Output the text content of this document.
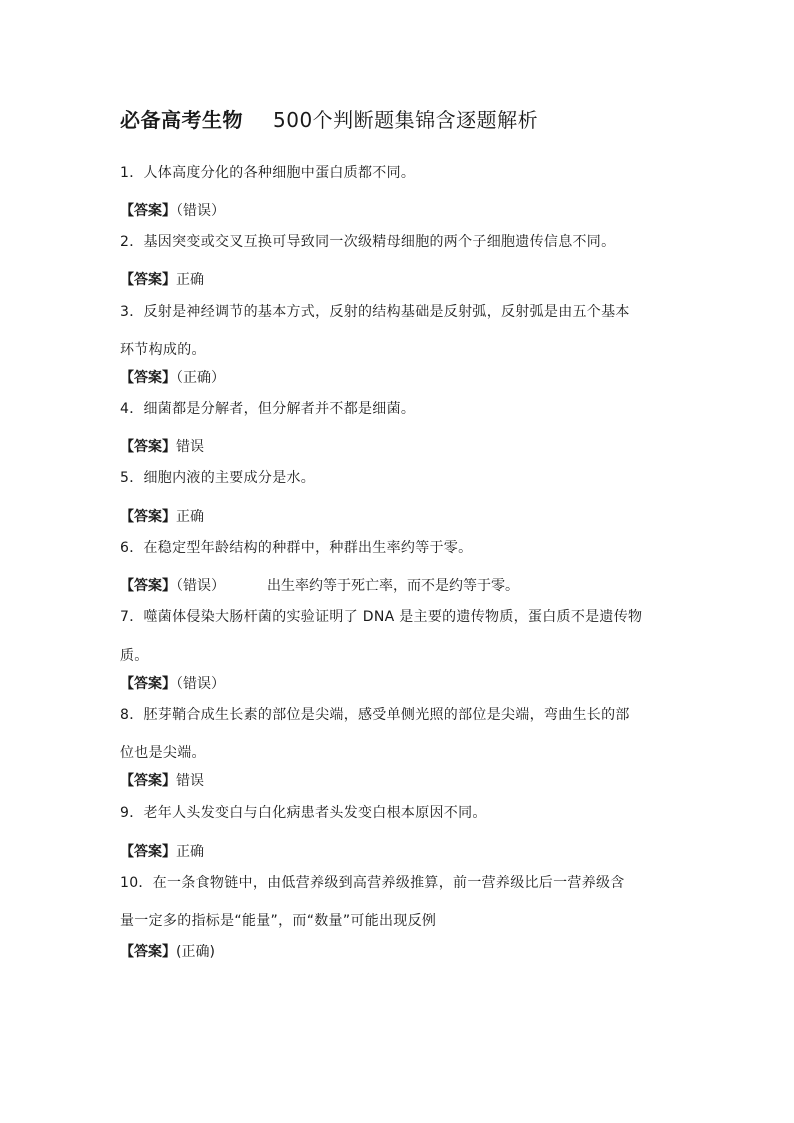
必备高考生物 500个判断题集锦含逐题解析
1．人体高度分化的各种细胞中蛋白质都不同。
【答案】（错误）
2．基因突变或交叉互换可导致同一次级精母细胞的两个子细胞遗传信息不同。
【答案】正确
3．反射是神经调节的基本方式，反射的结构基础是反射弧，反射弧是由五个基本
环节构成的。
【答案】（正确）
4．细菌都是分解者，但分解者并不都是细菌。
【答案】错误
5．细胞内液的主要成分是水。
【答案】正确
6．在稳定型年龄结构的种群中，种群出生率约等于零。
【答案】（错误）	出生率约等于死亡率，而不是约等于零。
7．噬菌体侵染大肠杆菌的实验证明了 DNA 是主要的遗传物质，蛋白质不是遗传物
质。
【答案】（错误）
8．胚芽鞘合成生长素的部位是尖端，感受单侧光照的部位是尖端，弯曲生长的部
位也是尖端。
【答案】错误
9．老年人头发变白与白化病患者头发变白根本原因不同。
【答案】正确
10．在一条食物链中，由低营养级到高营养级推算，前一营养级比后一营养级含
量一定多的指标是“能量”，而“数量”可能出现反例
【答案】(正确)
